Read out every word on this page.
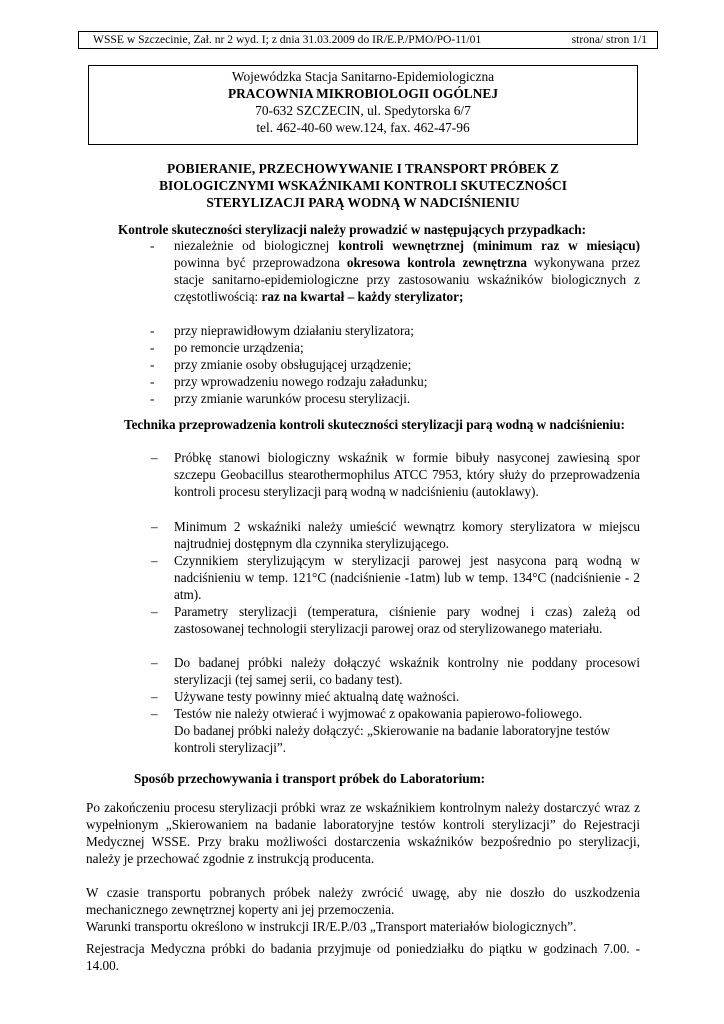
WSSE w Szczecinie, Zał. nr 2 wyd. I; z dnia 31.03.2009 do IR/E.P./PMO/PO-11/01	strona/ stron 1/1
Wojewódzka Stacja Sanitarno-Epidemiologiczna
PRACOWNIA MIKROBIOLOGII OGÓLNEJ
70-632 SZCZECIN, ul. Spedytorska 6/7
tel. 462-40-60 wew.124, fax. 462-47-96
POBIERANIE, PRZECHOWYWANIE I TRANSPORT PRÓBEK Z
BIOLOGICZNYMI WSKAŹNIKAMI KONTROLI SKUTECZNOŚCI
STERYLIZACJI PARĄ WODNĄ W NADCIŚNIENIU
Kontrole skuteczności sterylizacji należy prowadzić w następujących przypadkach:
- niezależnie od biologicznej kontroli wewnętrznej (minimum raz w miesiącu) powinna być przeprowadzona okresowa kontrola zewnętrzna wykonywana przez stacje sanitarno-epidemiologiczne przy zastosowaniu wskaźników biologicznych z częstotliwością: raz na kwartał – każdy sterylizator;
- przy nieprawidłowym działaniu sterylizatora;
- po remoncie urządzenia;
- przy zmianie osoby obsługującej urządzenie;
- przy wprowadzeniu nowego rodzaju załadunku;
- przy zmianie warunków procesu sterylizacji.
Technika przeprowadzenia kontroli skuteczności sterylizacji parą wodną w nadciśnieniu:
– Próbkę stanowi biologiczny wskaźnik w formie bibuły nasyconej zawiesiną spor szczepu Geobacillus stearothermophilus ATCC 7953, który służy do przeprowadzenia kontroli procesu sterylizacji parą wodną w nadciśnieniu (autoklawy).
– Minimum 2 wskaźniki należy umieścić wewnątrz komory sterylizatora w miejscu najtrudniej dostępnym dla czynnika sterylizującego.
– Czynnikiem sterylizującym w sterylizacji parowej jest nasycona parą wodną w nadciśnieniu w temp. 121°C (nadciśnienie -1atm) lub w temp. 134°C (nadciśnienie - 2 atm).
– Parametry sterylizacji (temperatura, ciśnienie pary wodnej i czas) zależą od zastosowanej technologii sterylizacji parowej oraz od sterylizowanego materiału.
– Do badanej próbki należy dołączyć wskaźnik kontrolny nie poddany procesowi sterylizacji (tej samej serii, co badany test).
– Używane testy powinny mieć aktualną datę ważności.
– Testów nie należy otwierać i wyjmować z opakowania papierowo-foliowego.
Do badanej próbki należy dołączyć: „Skierowanie na badanie laboratoryjne testów kontroli sterylizacji”.
Sposób przechowywania i transport próbek do Laboratorium:
Po zakończeniu procesu sterylizacji próbki wraz ze wskaźnikiem kontrolnym należy dostarczyć wraz z wypełnionym „Skierowaniem na badanie laboratoryjne testów kontroli sterylizacji” do Rejestracji Medycznej WSSE. Przy braku możliwości dostarczenia wskaźników bezpośrednio po sterylizacji, należy je przechować zgodnie z instrukcją producenta.
W czasie transportu pobranych próbek należy zwrócić uwagę, aby nie doszło do uszkodzenia mechanicznego zewnętrznej koperty ani jej przemoczenia.
Warunki transportu określono w instrukcji IR/E.P./03 „Transport materiałów biologicznych”.
Rejestracja Medyczna próbki do badania przyjmuje od poniedziałku do piątku w godzinach 7.00. - 14.00.
